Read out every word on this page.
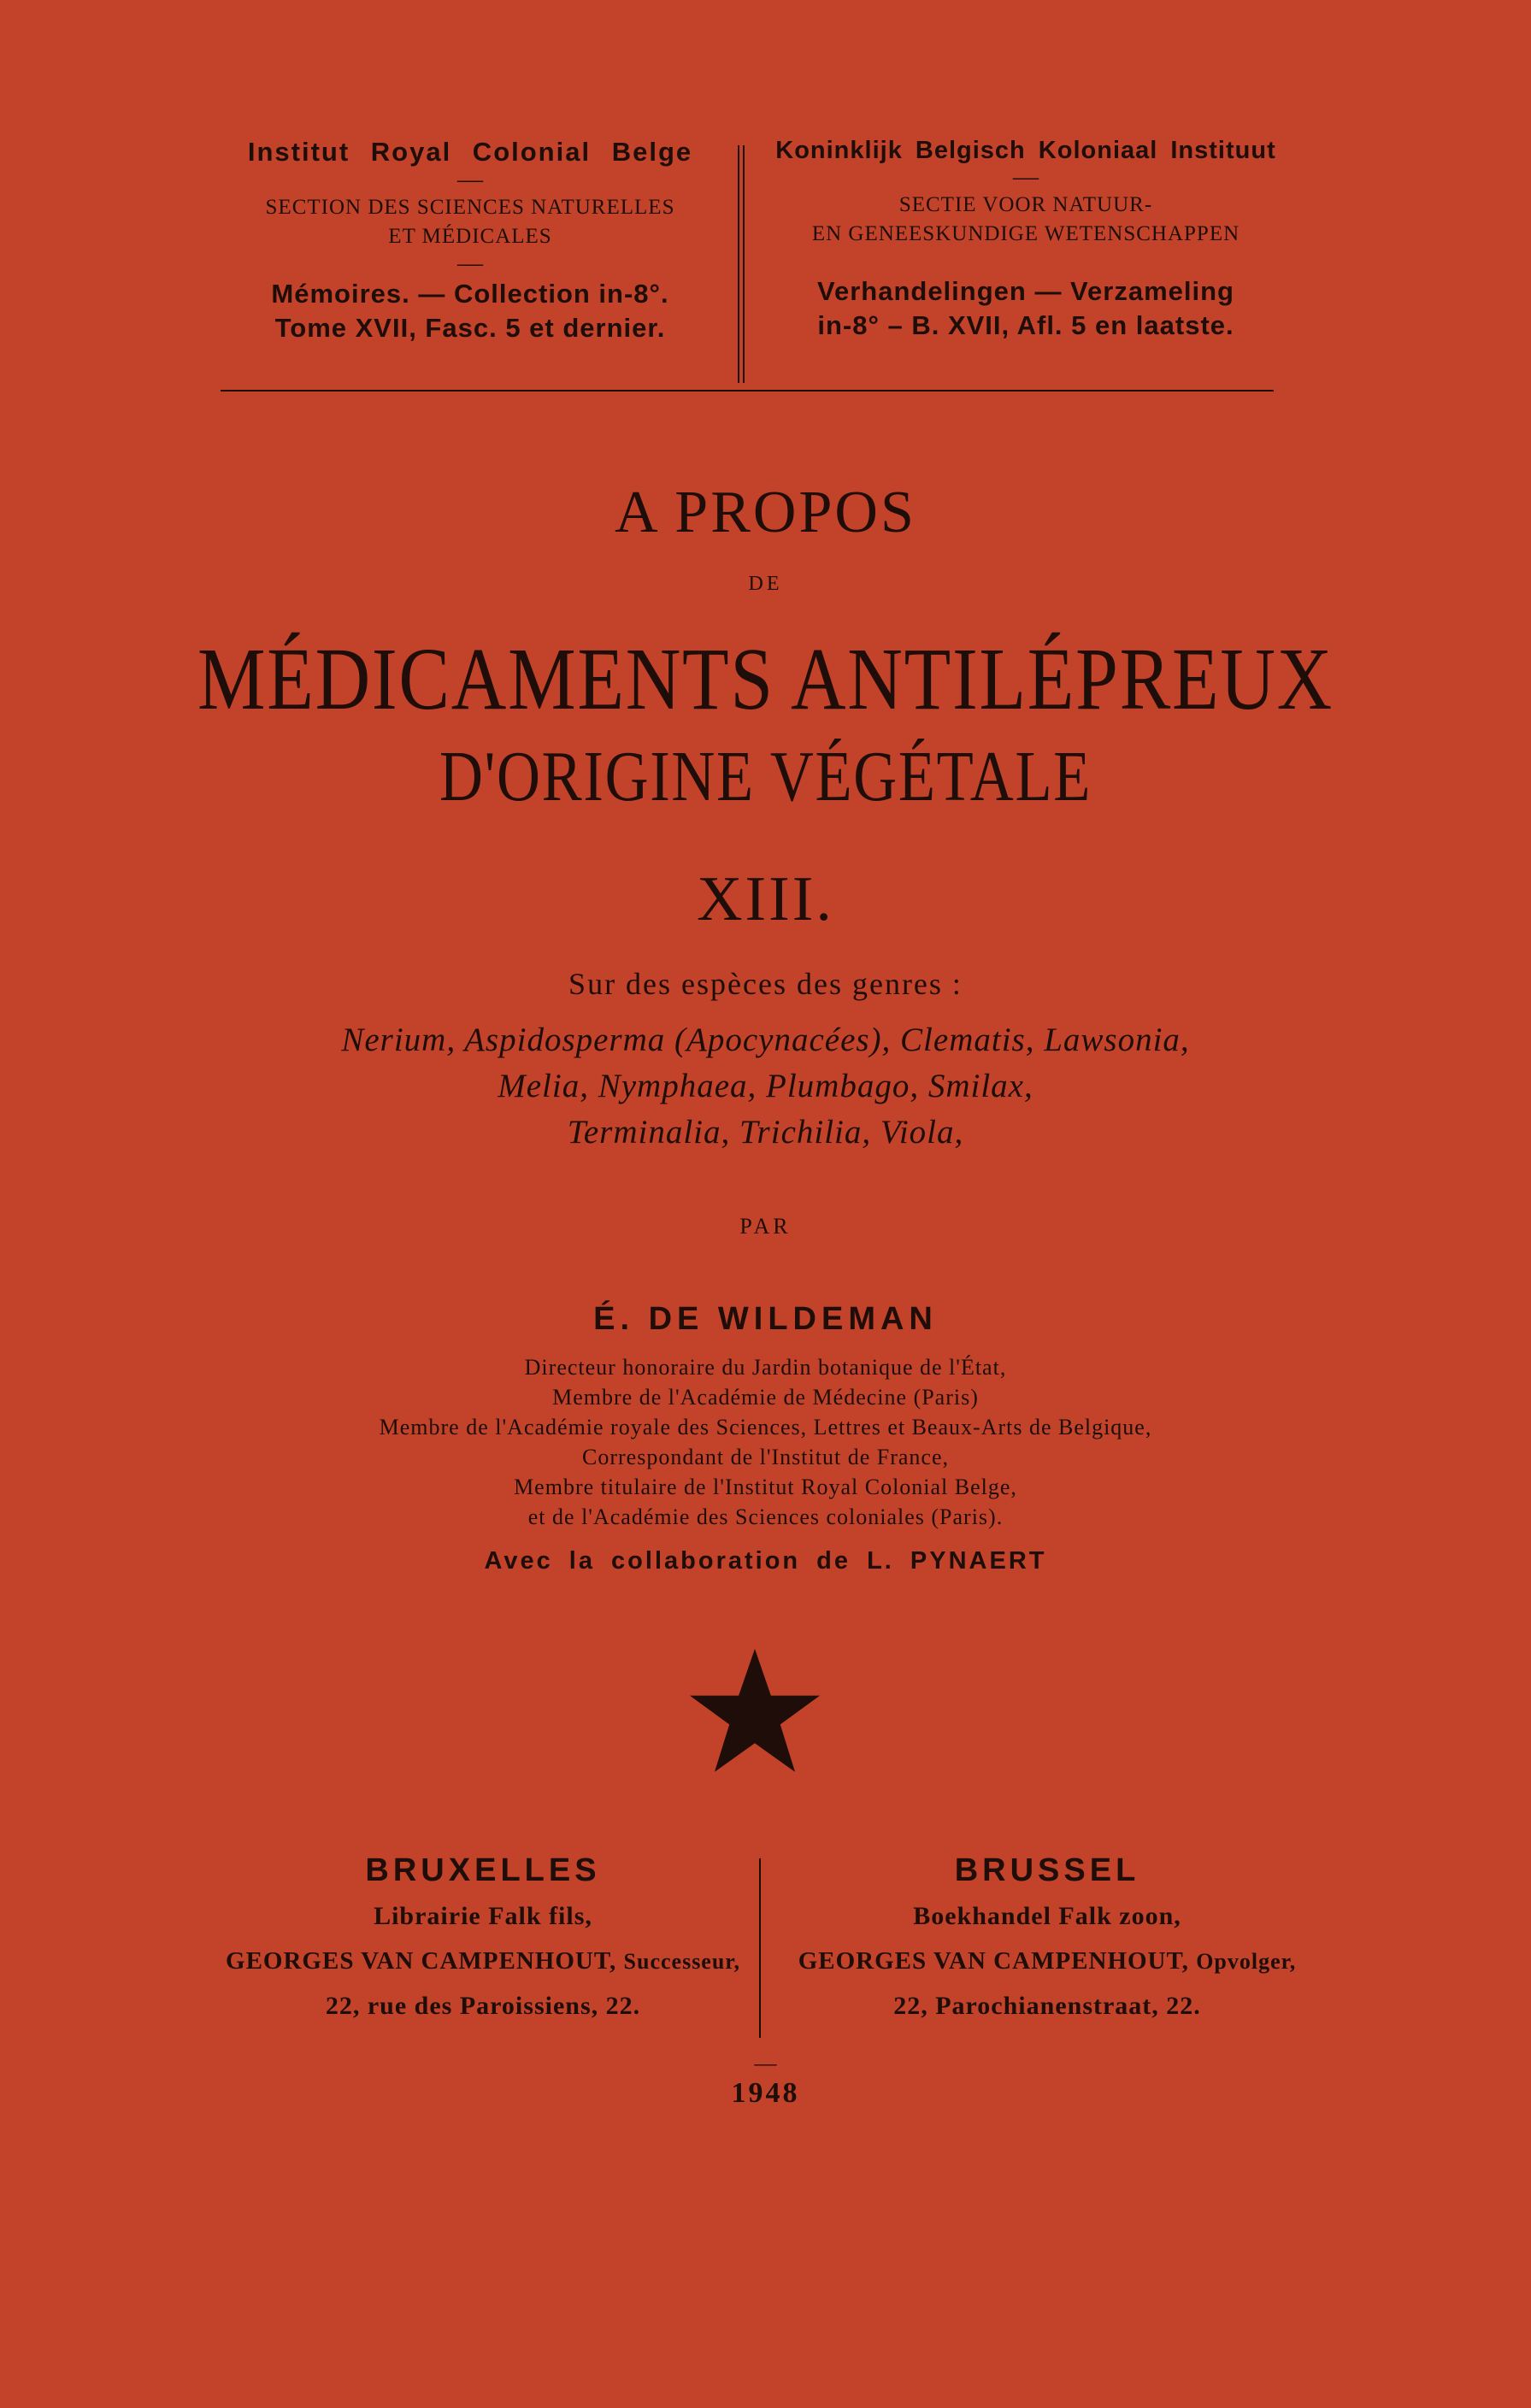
Institut Royal Colonial Belge
—
SECTION DES SCIENCES NATURELLES
ET MÉDICALES
—
Mémoires. — Collection in-8°.
Tome XVII, Fasc. 5 et dernier.
Koninklijk Belgisch Koloniaal Instituut
—
SECTIE VOOR NATUUR-
EN GENEESKUNDIGE WETENSCHAPPEN
Verhandelingen — Verzameling
in-8° – B. XVII, Afl. 5 en laatste.
A PROPOS
DE
MÉDICAMENTS ANTILÉPREUX
D'ORIGINE VÉGÉTALE
XIII.
Sur des espèces des genres :
Nerium, Aspidosperma (Apocynacées), Clematis, Lawsonia,
Melia, Nymphaea, Plumbago, Smilax,
Terminalia, Trichilia, Viola,
PAR
É. DE WILDEMAN
Directeur honoraire du Jardin botanique de l'État,
Membre de l'Académie de Médecine (Paris)
Membre de l'Académie royale des Sciences, Lettres et Beaux-Arts de Belgique,
Correspondant de l'Institut de France,
Membre titulaire de l'Institut Royal Colonial Belge,
et de l'Académie des Sciences coloniales (Paris).
Avec la collaboration de L. PYNAERT
BRUXELLES
Librairie Falk fils,
GEORGES VAN CAMPENHOUT, Successeur,
22, rue des Paroissiens, 22.
BRUSSEL
Boekhandel Falk zoon,
GEORGES VAN CAMPENHOUT, Opvolger,
22, Parochianenstraat, 22.
—
1948
